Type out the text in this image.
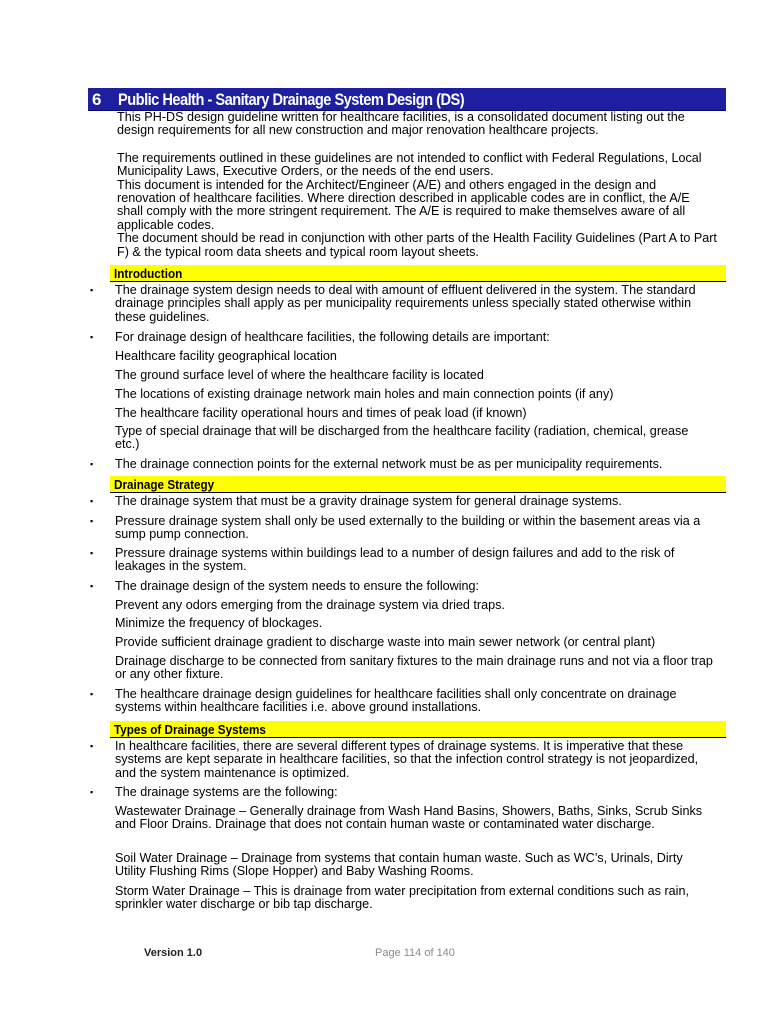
6 Public Health - Sanitary Drainage System Design (DS)

This PH-DS design guideline written for healthcare facilities, is a consolidated document listing out the design requirements for all new construction and major renovation healthcare projects.

The requirements outlined in these guidelines are not intended to conflict with Federal Regulations, Local Municipality Laws, Executive Orders, or the needs of the end users.

This document is intended for the Architect/Engineer (A/E) and others engaged in the design and renovation of healthcare facilities. Where direction described in applicable codes are in conflict, the A/E shall comply with the more stringent requirement. The A/E is required to make themselves aware of all applicable codes.

The document should be read in conjunction with other parts of the Health Facility Guidelines (Part A to Part F) & the typical room data sheets and typical room layout sheets.

Introduction
▪ The drainage system design needs to deal with amount of effluent delivered in the system. The standard drainage principles shall apply as per municipality requirements unless specially stated otherwise within these guidelines.
▪ For drainage design of healthcare facilities, the following details are important:
Healthcare facility geographical location
The ground surface level of where the healthcare facility is located
The locations of existing drainage network main holes and main connection points (if any)
The healthcare facility operational hours and times of peak load (if known)
Type of special drainage that will be discharged from the healthcare facility (radiation, chemical, grease etc.)
▪ The drainage connection points for the external network must be as per municipality requirements.
Drainage Strategy
▪ The drainage system that must be a gravity drainage system for general drainage systems.
▪ Pressure drainage system shall only be used externally to the building or within the basement areas via a sump pump connection.
▪ Pressure drainage systems within buildings lead to a number of design failures and add to the risk of leakages in the system.
▪ The drainage design of the system needs to ensure the following:
Prevent any odors emerging from the drainage system via dried traps.
Minimize the frequency of blockages.
Provide sufficient drainage gradient to discharge waste into main sewer network (or central plant)
Drainage discharge to be connected from sanitary fixtures to the main drainage runs and not via a floor trap or any other fixture.
▪ The healthcare drainage design guidelines for healthcare facilities shall only concentrate on drainage systems within healthcare facilities i.e. above ground installations.
Types of Drainage Systems
▪ In healthcare facilities, there are several different types of drainage systems. It is imperative that these systems are kept separate in healthcare facilities, so that the infection control strategy is not jeopardized, and the system maintenance is optimized.
▪ The drainage systems are the following:
Wastewater Drainage – Generally drainage from Wash Hand Basins, Showers, Baths, Sinks, Scrub Sinks and Floor Drains. Drainage that does not contain human waste or contaminated water discharge.
Soil Water Drainage – Drainage from systems that contain human waste. Such as WC’s, Urinals, Dirty Utility Flushing Rims (Slope Hopper) and Baby Washing Rooms.
Storm Water Drainage – This is drainage from water precipitation from external conditions such as rain, sprinkler water discharge or bib tap discharge.
Version 1.0	Page 114 of 140
